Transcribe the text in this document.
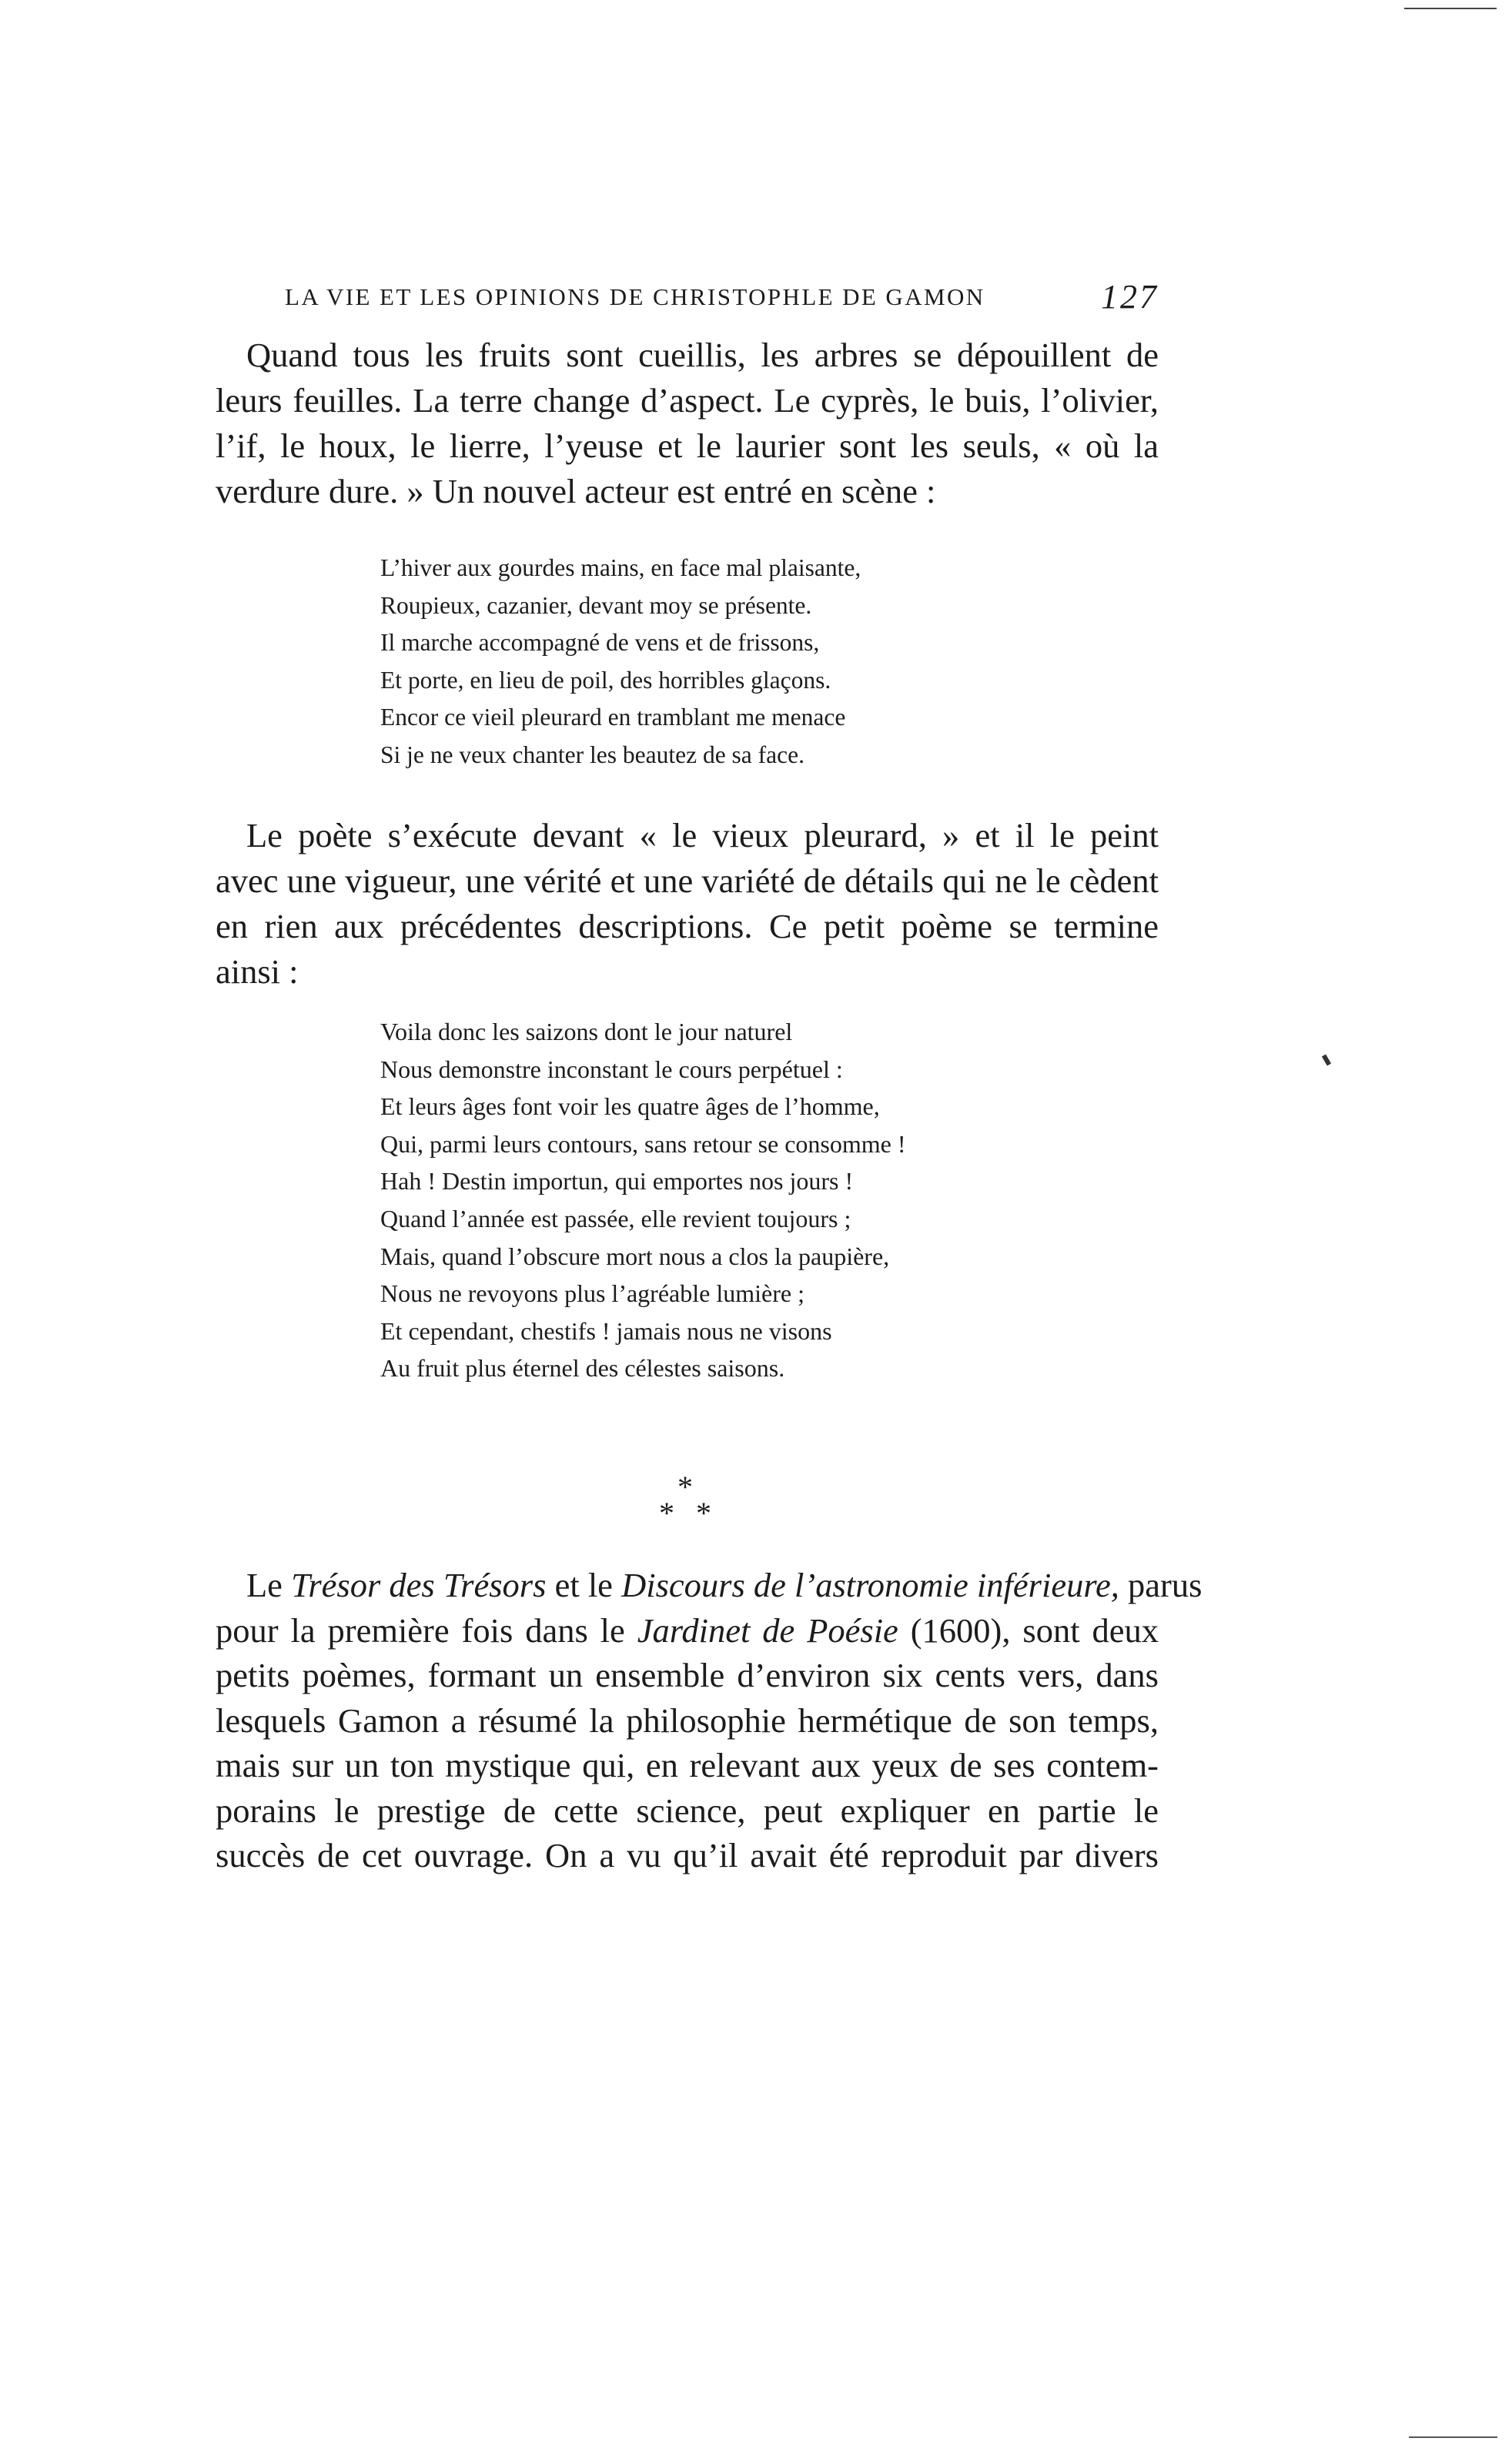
LA VIE ET LES OPINIONS DE CHRISTOPHLE DE GAMON	127

Quand tous les fruits sont cueillis, les arbres se dépouillent de
leurs feuilles. La terre change d’aspect. Le cyprès, le buis, l’olivier,
l’if, le houx, le lierre, l’yeuse et le laurier sont les seuls, « où la
verdure dure. » Un nouvel acteur est entré en scène :

L’hiver aux gourdes mains, en face mal plaisante,
Roupieux, cazanier, devant moy se présente.
Il marche accompagné de vens et de frissons,
Et porte, en lieu de poil, des horribles glaçons.
Encor ce vieil pleurard en tramblant me menace
Si je ne veux chanter les beautez de sa face.

Le poète s’exécute devant « le vieux pleurard, » et il le peint
avec une vigueur, une vérité et une variété de détails qui ne le cèdent
en rien aux précédentes descriptions. Ce petit poème se termine
ainsi :

Voila donc les saizons dont le jour naturel
Nous demonstre inconstant le cours perpétuel :
Et leurs âges font voir les quatre âges de l’homme,
Qui, parmi leurs contours, sans retour se consomme !
Hah ! Destin importun, qui emportes nos jours !
Quand l’année est passée, elle revient toujours ;
Mais, quand l’obscure mort nous a clos la paupière,
Nous ne revoyons plus l’agréable lumière ;
Et cependant, chestifs ! jamais nous ne visons
Au fruit plus éternel des célestes saisons.
*
* *

Le Trésor des Trésors et le Discours de l’astronomie inférieure, parus
pour la première fois dans le Jardinet de Poésie (1600), sont deux
petits poèmes, formant un ensemble d’environ six cents vers, dans
lesquels Gamon a résumé la philosophie hermétique de son temps,
mais sur un ton mystique qui, en relevant aux yeux de ses contem-
porains le prestige de cette science, peut expliquer en partie le
succès de cet ouvrage. On a vu qu’il avait été reproduit par divers
